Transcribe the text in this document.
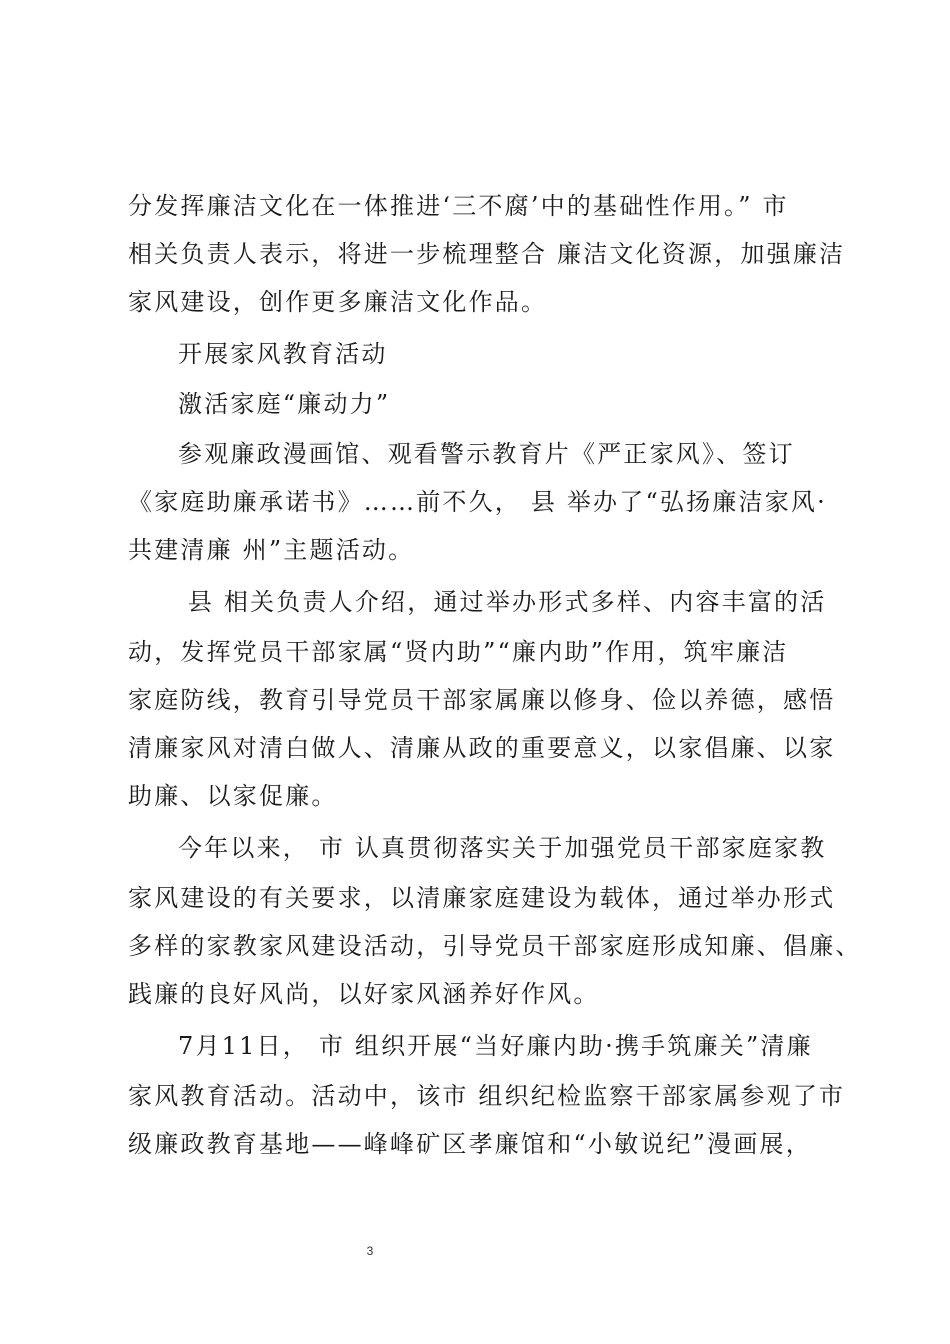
分发挥廉洁文化在一体推进‘三不腐’中的基础性作用。” 市
相关负责人表示，将进一步梳理整合 廉洁文化资源，加强廉洁
家风建设，创作更多廉洁文化作品。
开展家风教育活动
激活家庭“廉动力”
参观廉政漫画馆、观看警示教育片《严正家风》、签订
《家庭助廉承诺书》……前不久， 县 举办了“弘扬廉洁家风·
共建清廉 州”主题活动。
县 相关负责人介绍，通过举办形式多样、内容丰富的活
动，发挥党员干部家属“贤内助”“廉内助”作用，筑牢廉洁
家庭防线，教育引导党员干部家属廉以修身、俭以养德，感悟
清廉家风对清白做人、清廉从政的重要意义，以家倡廉、以家
助廉、以家促廉。
今年以来， 市 认真贯彻落实关于加强党员干部家庭家教
家风建设的有关要求，以清廉家庭建设为载体，通过举办形式
多样的家教家风建设活动，引导党员干部家庭形成知廉、倡廉、
践廉的良好风尚，以好家风涵养好作风。
7月11日， 市 组织开展“当好廉内助·携手筑廉关”清廉
家风教育活动。活动中，该市 组织纪检监察干部家属参观了市
级廉政教育基地——峰峰矿区孝廉馆和“小敏说纪”漫画展，
3
